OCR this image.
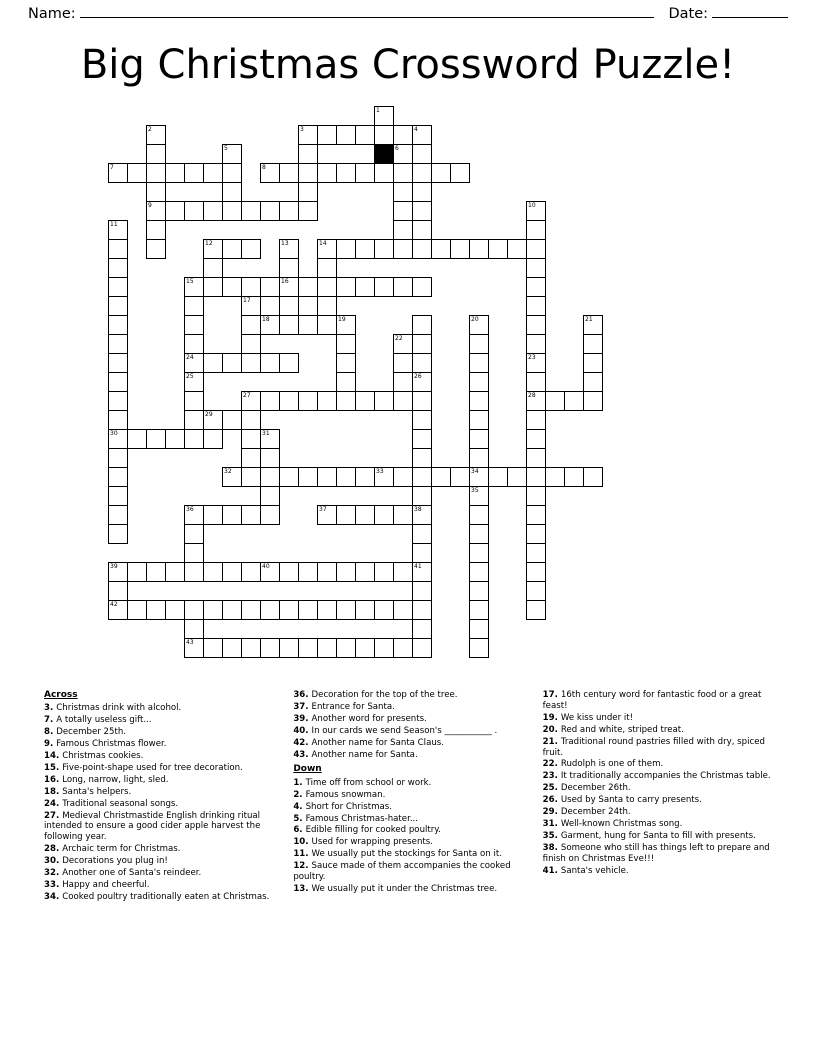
Name:	Date:
Big Christmas Crossword Puzzle!
1
2	3	4
5	6
7	8
9	10
11
12	13	14
15	16
17
18	19	20	21
22
24	23
25	26
27	28
29
30	31
32	33	34
35
36	37	38
39	40	41
42
43
Across

3. Christmas drink with alcohol.

7. A totally useless gift...

8. December 25th.

9. Famous Christmas flower.

14. Christmas cookies.

15. Five-point-shape used for tree decoration.

16. Long, narrow, light, sled.

18. Santa's helpers.

24. Traditional seasonal songs.

27. Medieval Christmastide English drinking ritual intended to ensure a good cider apple harvest the following year.

28. Archaic term for Christmas.

30. Decorations you plug in!

32. Another one of Santa's reindeer.

33. Happy and cheerful.

34. Cooked poultry traditionally eaten at Christmas.

36. Decoration for the top of the tree.

37. Entrance for Santa.

39. Another word for presents.

40. In our cards we send Season's ___________ .

42. Another name for Santa Claus.

43. Another name for Santa.

Down

1. Time off from school or work.

2. Famous snowman.

4. Short for Christmas.

5. Famous Christmas-hater...

6. Edible filling for cooked poultry.

10. Used for wrapping presents.

11. We usually put the stockings for Santa on it.

12. Sauce made of them accompanies the cooked poultry.

13. We usually put it under the Christmas tree.

17. 16th century word for fantastic food or a great feast!

19. We kiss under it!

20. Red and white, striped treat.

21. Traditional round pastries filled with dry, spiced fruit.

22. Rudolph is one of them.

23. It traditionally accompanies the Christmas table.

25. December 26th.

26. Used by Santa to carry presents.

29. December 24th.

31. Well-known Christmas song.

35. Garment, hung for Santa to fill with presents.

38. Someone who still has things left to prepare and finish on Christmas Eve!!!

41. Santa's vehicle.
